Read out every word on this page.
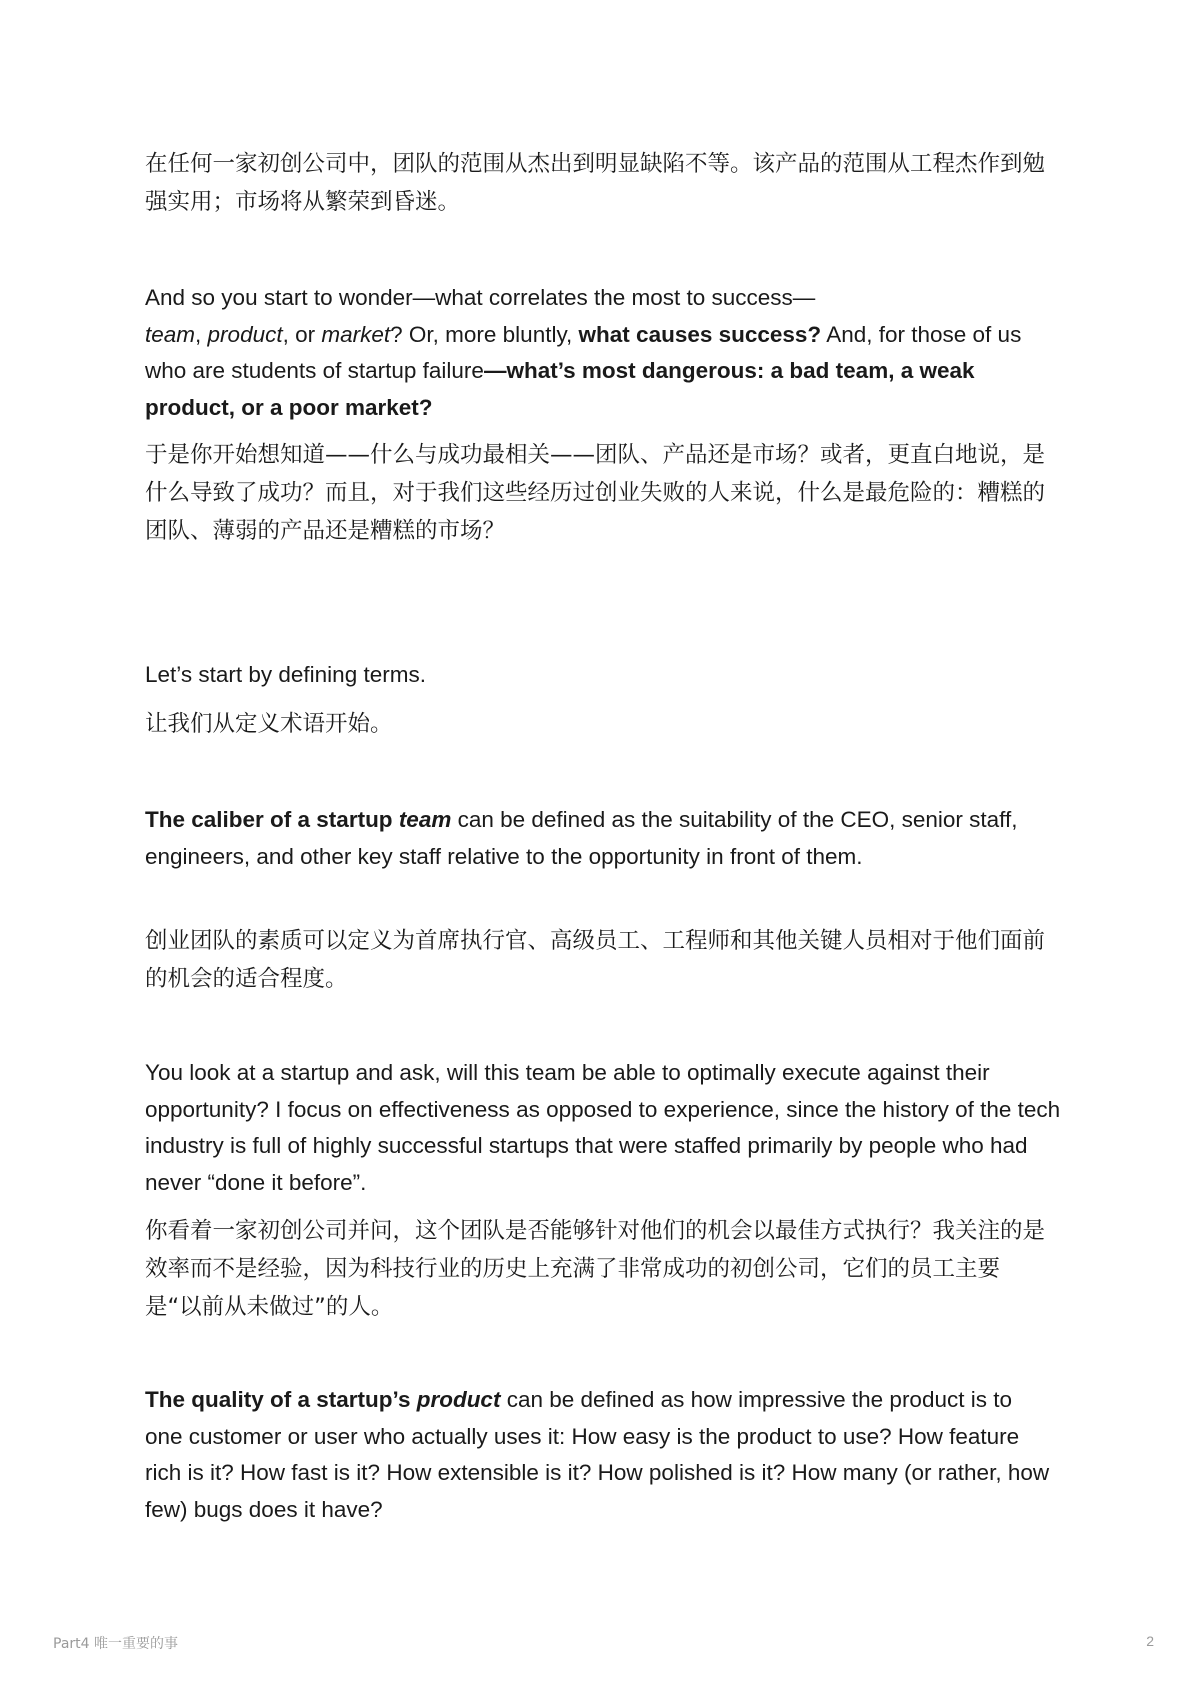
在任何一家初创公司中，团队的范围从杰出到明显缺陷不等。该产品的范围从工程杰作到勉强实用；市场将从繁荣到昏迷。

And so you start to wonder—what correlates the most to success—
team, product, or market? Or, more bluntly, what causes success? And, for those of us who are students of startup failure—what’s most dangerous: a bad team, a weak product, or a poor market?

于是你开始想知道——什么与成功最相关——团队、产品还是市场？或者，更直白地说，是什么导致了成功？而且，对于我们这些经历过创业失败的人来说，什么是最危险的：糟糕的团队、薄弱的产品还是糟糕的市场？

Let’s start by defining terms.

让我们从定义术语开始。

The caliber of a startup team can be defined as the suitability of the CEO, senior staff, engineers, and other key staff relative to the opportunity in front of them.

创业团队的素质可以定义为首席执行官、高级员工、工程师和其他关键人员相对于他们面前的机会的适合程度。

You look at a startup and ask, will this team be able to optimally execute against their opportunity? I focus on effectiveness as opposed to experience, since the history of the tech industry is full of highly successful startups that were staffed primarily by people who had never “done it before”.

你看着一家初创公司并问，这个团队是否能够针对他们的机会以最佳方式执行？我关注的是效率而不是经验，因为科技行业的历史上充满了非常成功的初创公司，它们的员工主要是“以前从未做过”的人。

The quality of a startup’s product can be defined as how impressive the product is to one customer or user who actually uses it: How easy is the product to use? How feature rich is it? How fast is it? How extensible is it? How polished is it? How many (or rather, how few) bugs does it have?

Part4 唯一重要的事	2
